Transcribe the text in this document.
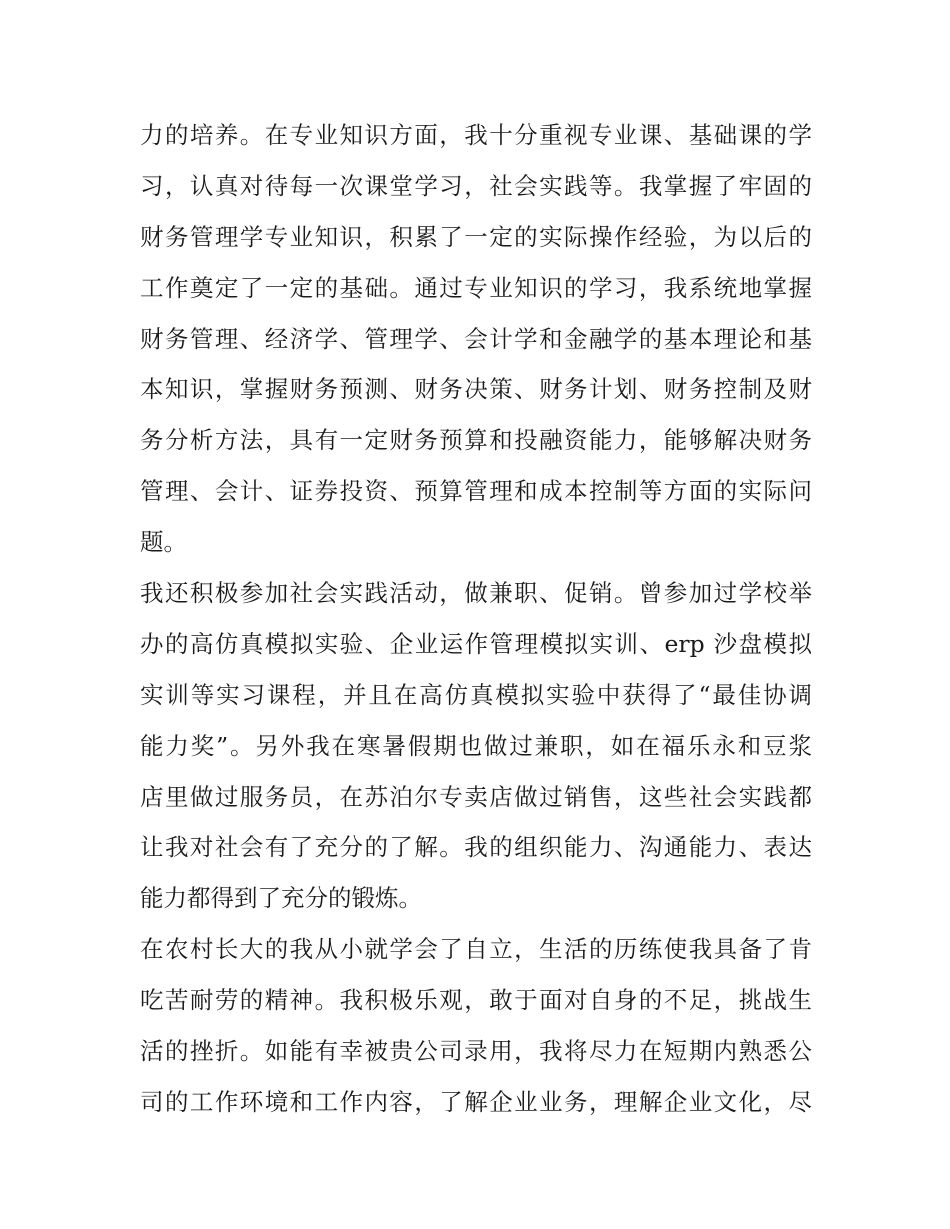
力的培养。在专业知识方面，我十分重视专业课、基础课的学
习，认真对待每一次课堂学习，社会实践等。我掌握了牢固的
财务管理学专业知识，积累了一定的实际操作经验，为以后的
工作奠定了一定的基础。通过专业知识的学习，我系统地掌握
财务管理、经济学、管理学、会计学和金融学的基本理论和基
本知识，掌握财务预测、财务决策、财务计划、财务控制及财
务分析方法，具有一定财务预算和投融资能力，能够解决财务
管理、会计、证券投资、预算管理和成本控制等方面的实际问
题。
我还积极参加社会实践活动，做兼职、促销。曾参加过学校举
办的高仿真模拟实验、企业运作管理模拟实训、erp 沙盘模拟
实训等实习课程，并且在高仿真模拟实验中获得了“最佳协调
能力奖”。另外我在寒暑假期也做过兼职，如在福乐永和豆浆
店里做过服务员，在苏泊尔专卖店做过销售，这些社会实践都
让我对社会有了充分的了解。我的组织能力、沟通能力、表达
能力都得到了充分的锻炼。
在农村长大的我从小就学会了自立，生活的历练使我具备了肯
吃苦耐劳的精神。我积极乐观，敢于面对自身的不足，挑战生
活的挫折。如能有幸被贵公司录用，我将尽力在短期内熟悉公
司的工作环境和工作内容，了解企业业务，理解企业文化，尽
